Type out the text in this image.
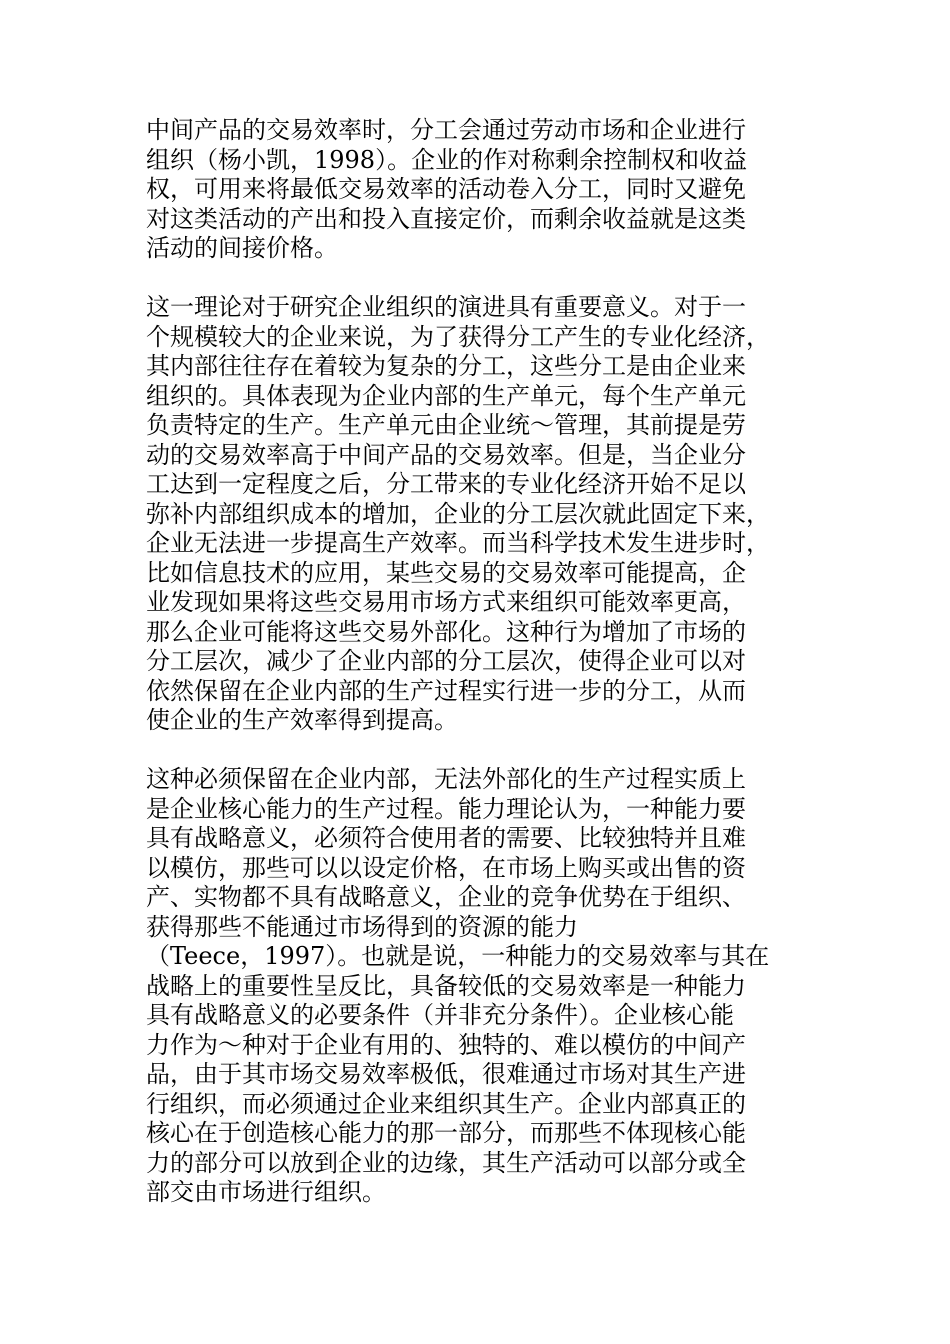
中间产品的交易效率时，分工会通过劳动市场和企业进行
组织（杨小凯，1998）。企业的作对称剩余控制权和收益
权，可用来将最低交易效率的活动卷入分工，同时又避免
对这类活动的产出和投入直接定价，而剩余收益就是这类
活动的间接价格。
这一理论对于研究企业组织的演进具有重要意义。对于一
个规模较大的企业来说，为了获得分工产生的专业化经济，
其内部往往存在着较为复杂的分工，这些分工是由企业来
组织的。具体表现为企业内部的生产单元，每个生产单元
负责特定的生产。生产单元由企业统～管理，其前提是劳
动的交易效率高于中间产品的交易效率。但是，当企业分
工达到一定程度之后，分工带来的专业化经济开始不足以
弥补内部组织成本的增加，企业的分工层次就此固定下来，
企业无法进一步提高生产效率。而当科学技术发生进步时，
比如信息技术的应用，某些交易的交易效率可能提高，企
业发现如果将这些交易用市场方式来组织可能效率更高，
那么企业可能将这些交易外部化。这种行为增加了市场的
分工层次，减少了企业内部的分工层次，使得企业可以对
依然保留在企业内部的生产过程实行进一步的分工，从而
使企业的生产效率得到提高。
这种必须保留在企业内部，无法外部化的生产过程实质上
是企业核心能力的生产过程。能力理论认为，一种能力要
具有战略意义，必须符合使用者的需要、比较独特并且难
以模仿，那些可以以设定价格，在市场上购买或出售的资
产、实物都不具有战略意义，企业的竞争优势在于组织、
获得那些不能通过市场得到的资源的能力
（Teece，1997）。也就是说，一种能力的交易效率与其在
战略上的重要性呈反比，具备较低的交易效率是一种能力
具有战略意义的必要条件（并非充分条件）。企业核心能
力作为～种对于企业有用的、独特的、难以模仿的中间产
品，由于其市场交易效率极低，很难通过市场对其生产进
行组织，而必须通过企业来组织其生产。企业内部真正的
核心在于创造核心能力的那一部分，而那些不体现核心能
力的部分可以放到企业的边缘，其生产活动可以部分或全
部交由市场进行组织。
